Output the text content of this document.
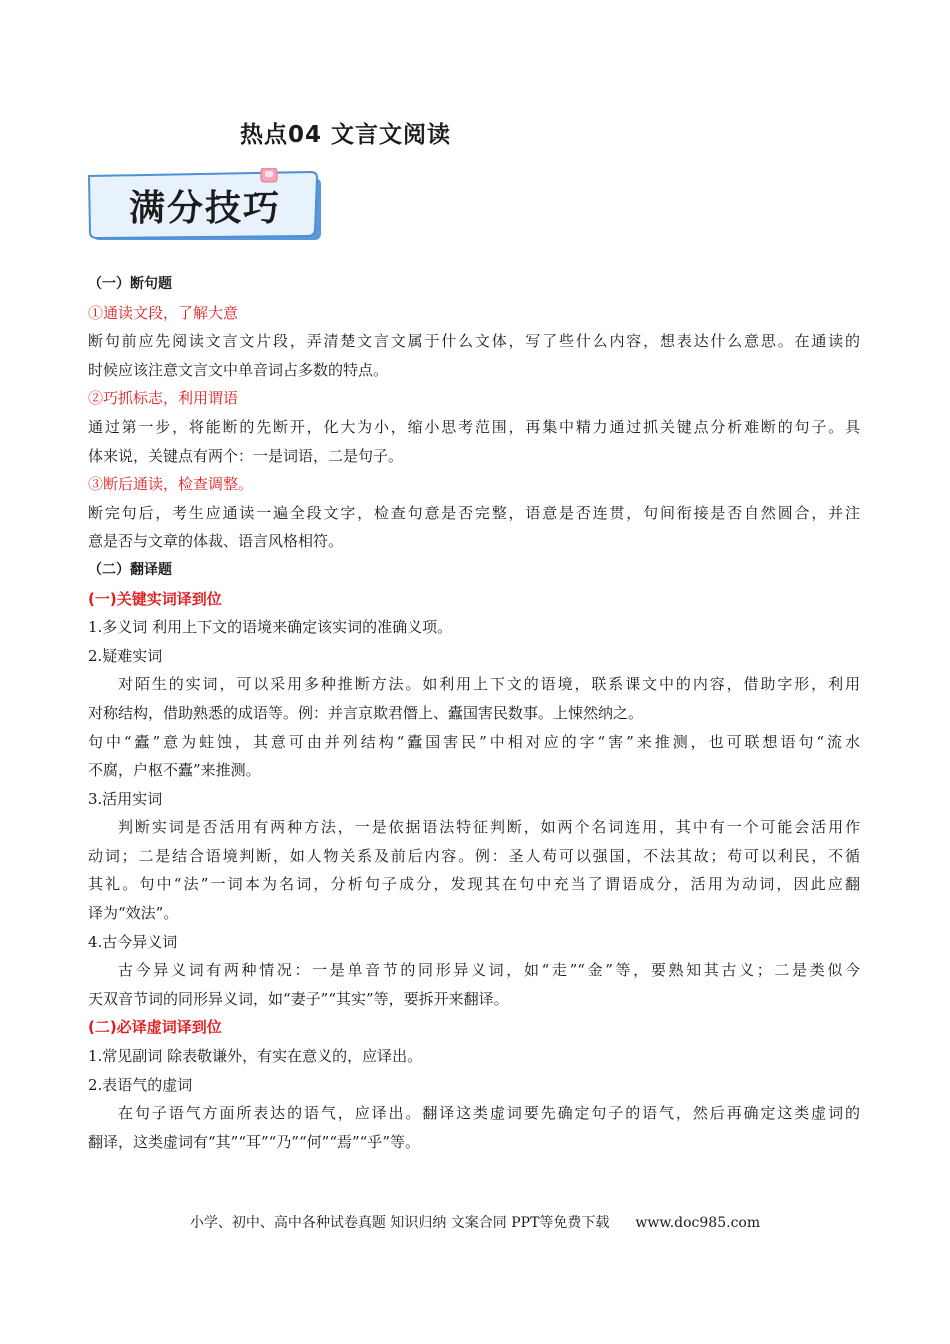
热点04 文言文阅读
满分技巧
（一）断句题
①通读文段，了解大意
断句前应先阅读文言文片段，弄清楚文言文属于什么文体，写了些什么内容，想表达什么意思。在通读的
时候应该注意文言文中单音词占多数的特点。
②巧抓标志，利用谓语
通过第一步，将能断的先断开，化大为小，缩小思考范围，再集中精力通过抓关键点分析难断的句子。具
体来说，关键点有两个：一是词语，二是句子。
③断后通读，检查调整。
断完句后，考生应通读一遍全段文字，检查句意是否完整，语意是否连贯，句间衔接是否自然圆合，并注
意是否与文章的体裁、语言风格相符。
（二）翻译题
(一)关键实词译到位
1.多义词 利用上下文的语境来确定该实词的准确义项。
2.疑难实词
对陌生的实词，可以采用多种推断方法。如利用上下文的语境，联系课文中的内容，借助字形，利用
对称结构，借助熟悉的成语等。例：并言京欺君僭上、蠹国害民数事。上悚然纳之。
句中“蠹”意为蛀蚀，其意可由并列结构“蠹国害民”中相对应的字“害”来推测，也可联想语句“流水
不腐，户枢不蠹”来推测。
3.活用实词
判断实词是否活用有两种方法，一是依据语法特征判断，如两个名词连用，其中有一个可能会活用作
动词；二是结合语境判断，如人物关系及前后内容。例：圣人苟可以强国，不法其故；苟可以利民，不循
其礼。句中“法”一词本为名词，分析句子成分，发现其在句中充当了谓语成分，活用为动词，因此应翻
译为“效法”。
4.古今异义词
古今异义词有两种情况：一是单音节的同形异义词，如“走”“金”等，要熟知其古义；二是类似今
天双音节词的同形异义词，如“妻子”“其实”等，要拆开来翻译。
(二)必译虚词译到位
1.常见副词 除表敬谦外，有实在意义的，应译出。
2.表语气的虚词
在句子语气方面所表达的语气，应译出。翻译这类虚词要先确定句子的语气，然后再确定这类虚词的
翻译，这类虚词有“其”“耳”“乃”“何”“焉”“乎”等。
小学、初中、高中各种试卷真题 知识归纳 文案合同 PPT等免费下载 www.doc985.com
